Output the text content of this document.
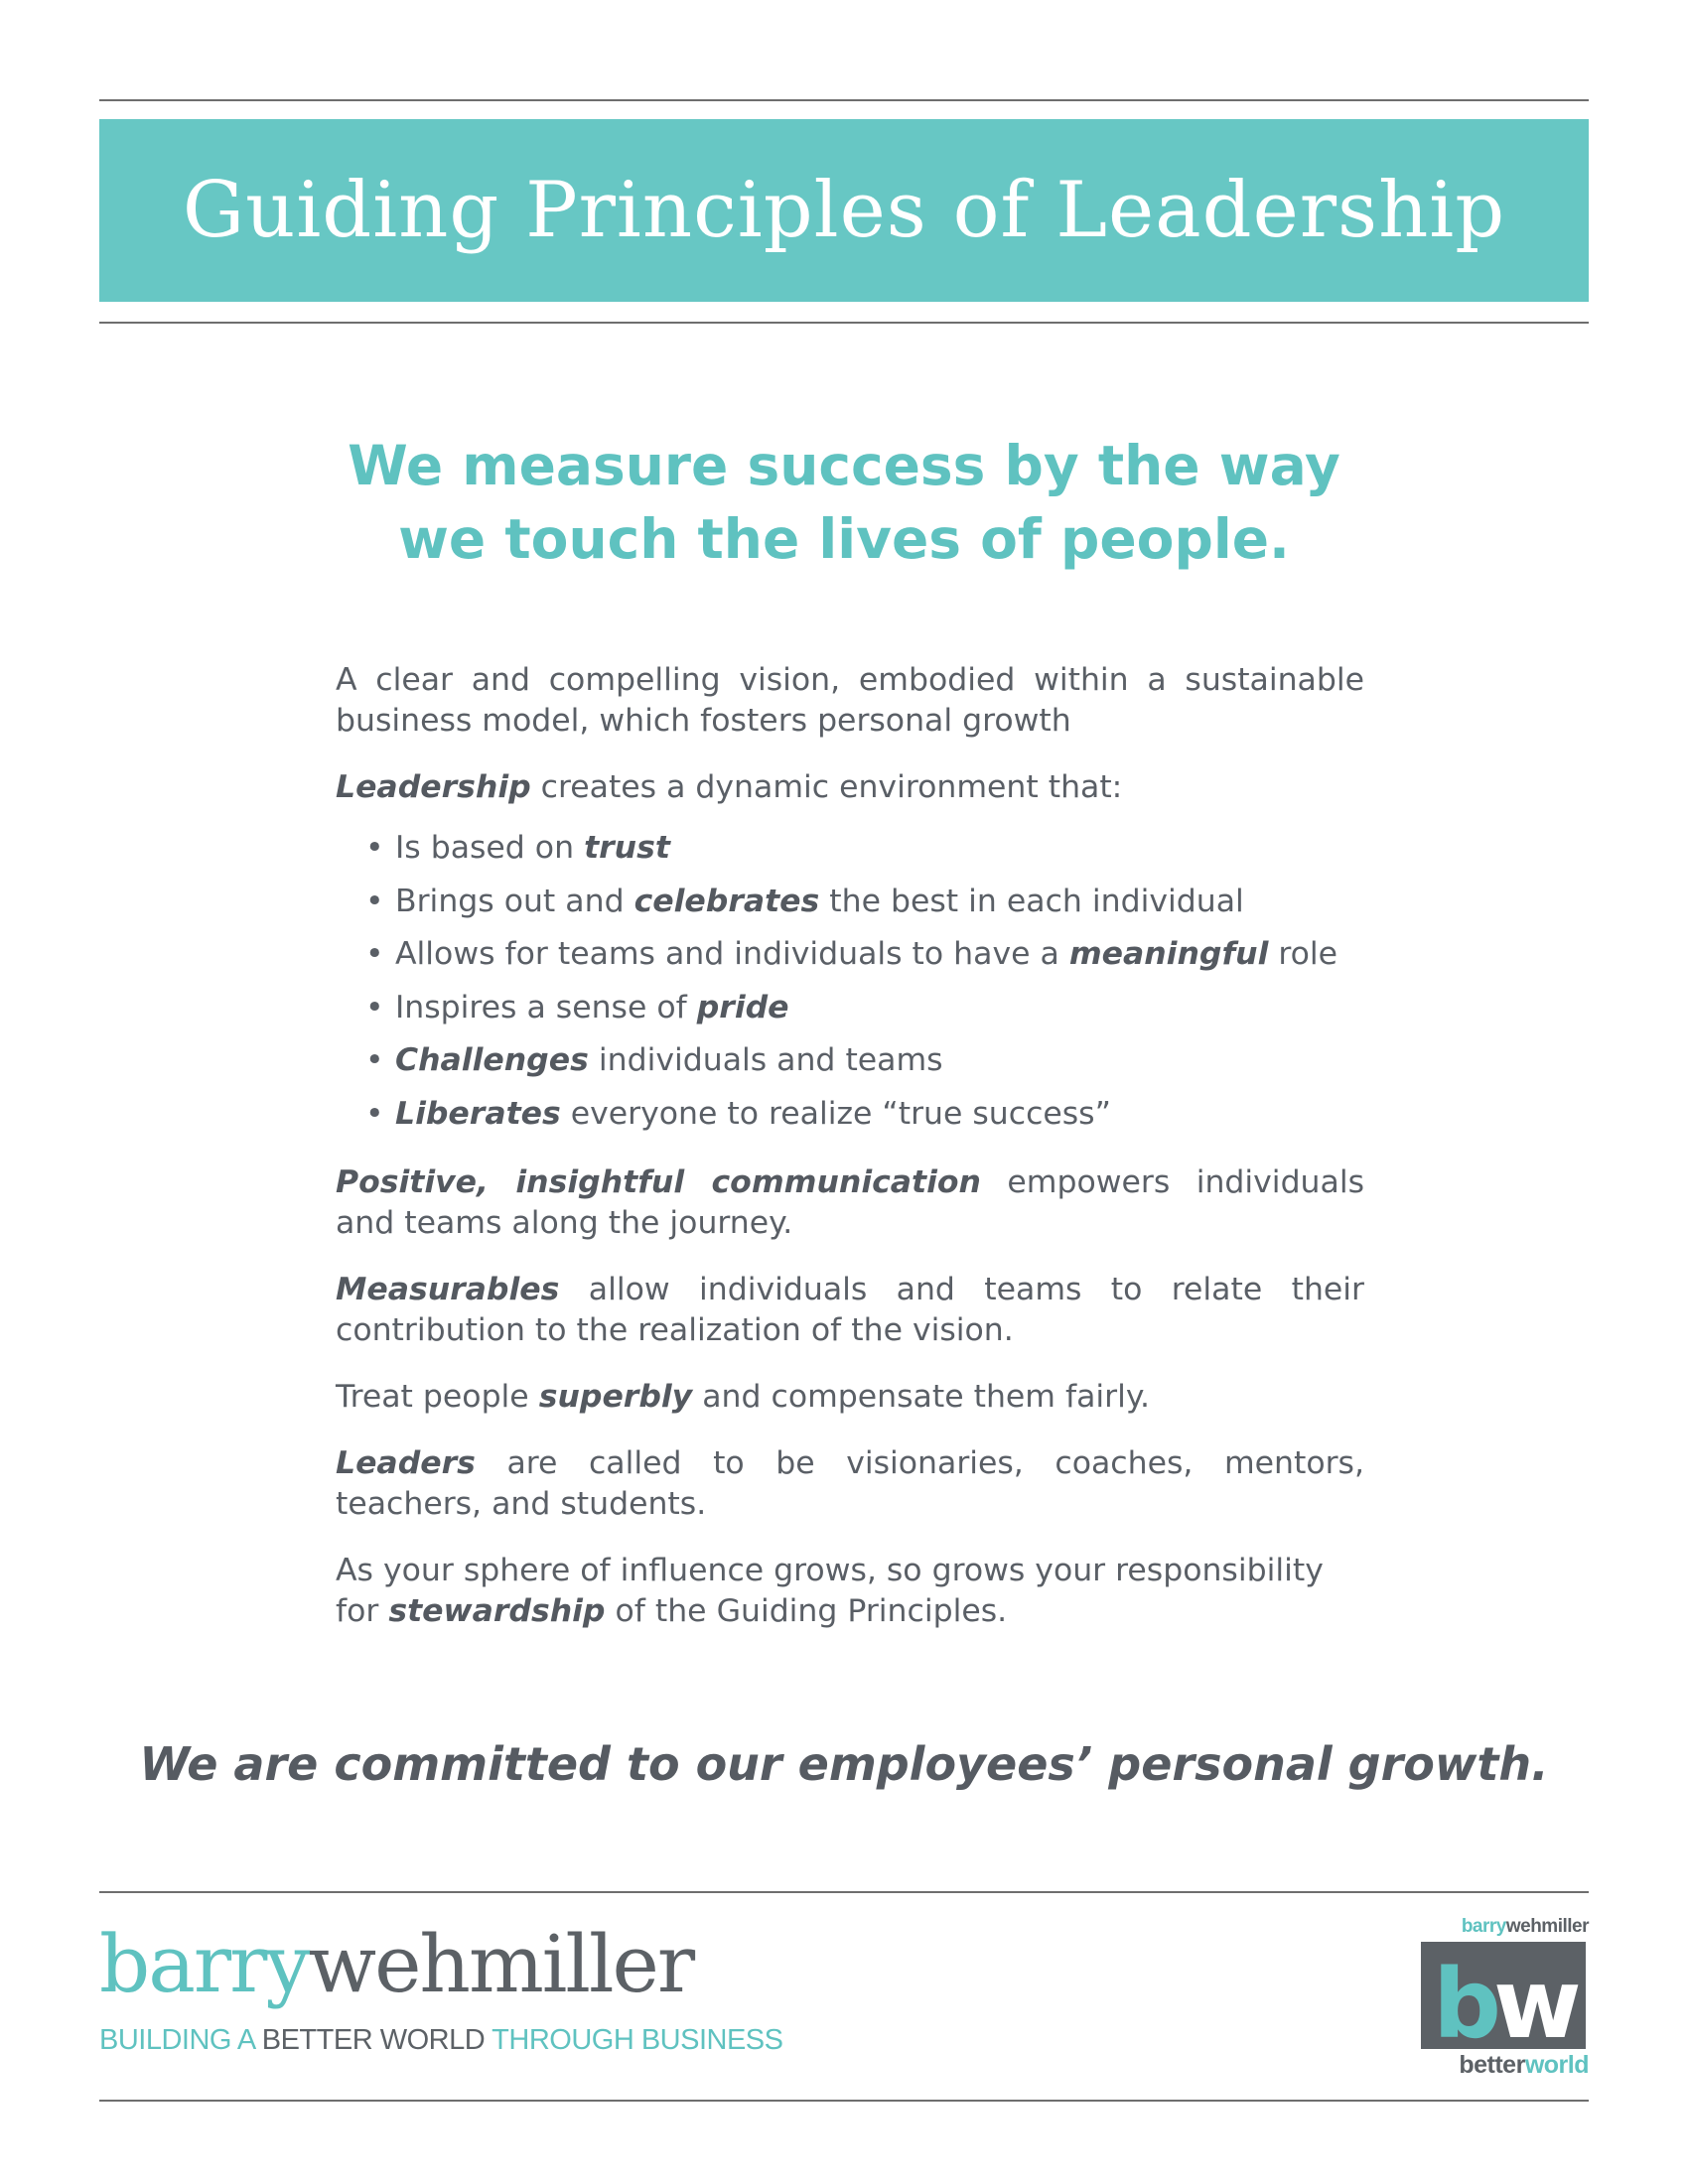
Guiding Principles of Leadership
We measure success by the way
we touch the lives of people.

A clear and compelling vision, embodied within a sustainable business model, which fosters personal growth

Leadership creates a dynamic environment that:

• Is based on trust
• Brings out and celebrates the best in each individual
• Allows for teams and individuals to have a meaningful role
• Inspires a sense of pride
• Challenges individuals and teams
• Liberates everyone to realize “true success”

Positive, insightful communication empowers individuals and teams along the journey.

Measurables allow individuals and teams to relate their contribution to the realization of the vision.

Treat people superbly and compensate them fairly.

Leaders are called to be visionaries, coaches, mentors, teachers, and students.

As your sphere of influence grows, so grows your responsibility for stewardship of the Guiding Principles.

We are committed to our employees’ personal growth.

barrywehmiller
BUILDING A BETTER WORLD THROUGH BUSINESS
barrywehmiller
bw
betterworld
